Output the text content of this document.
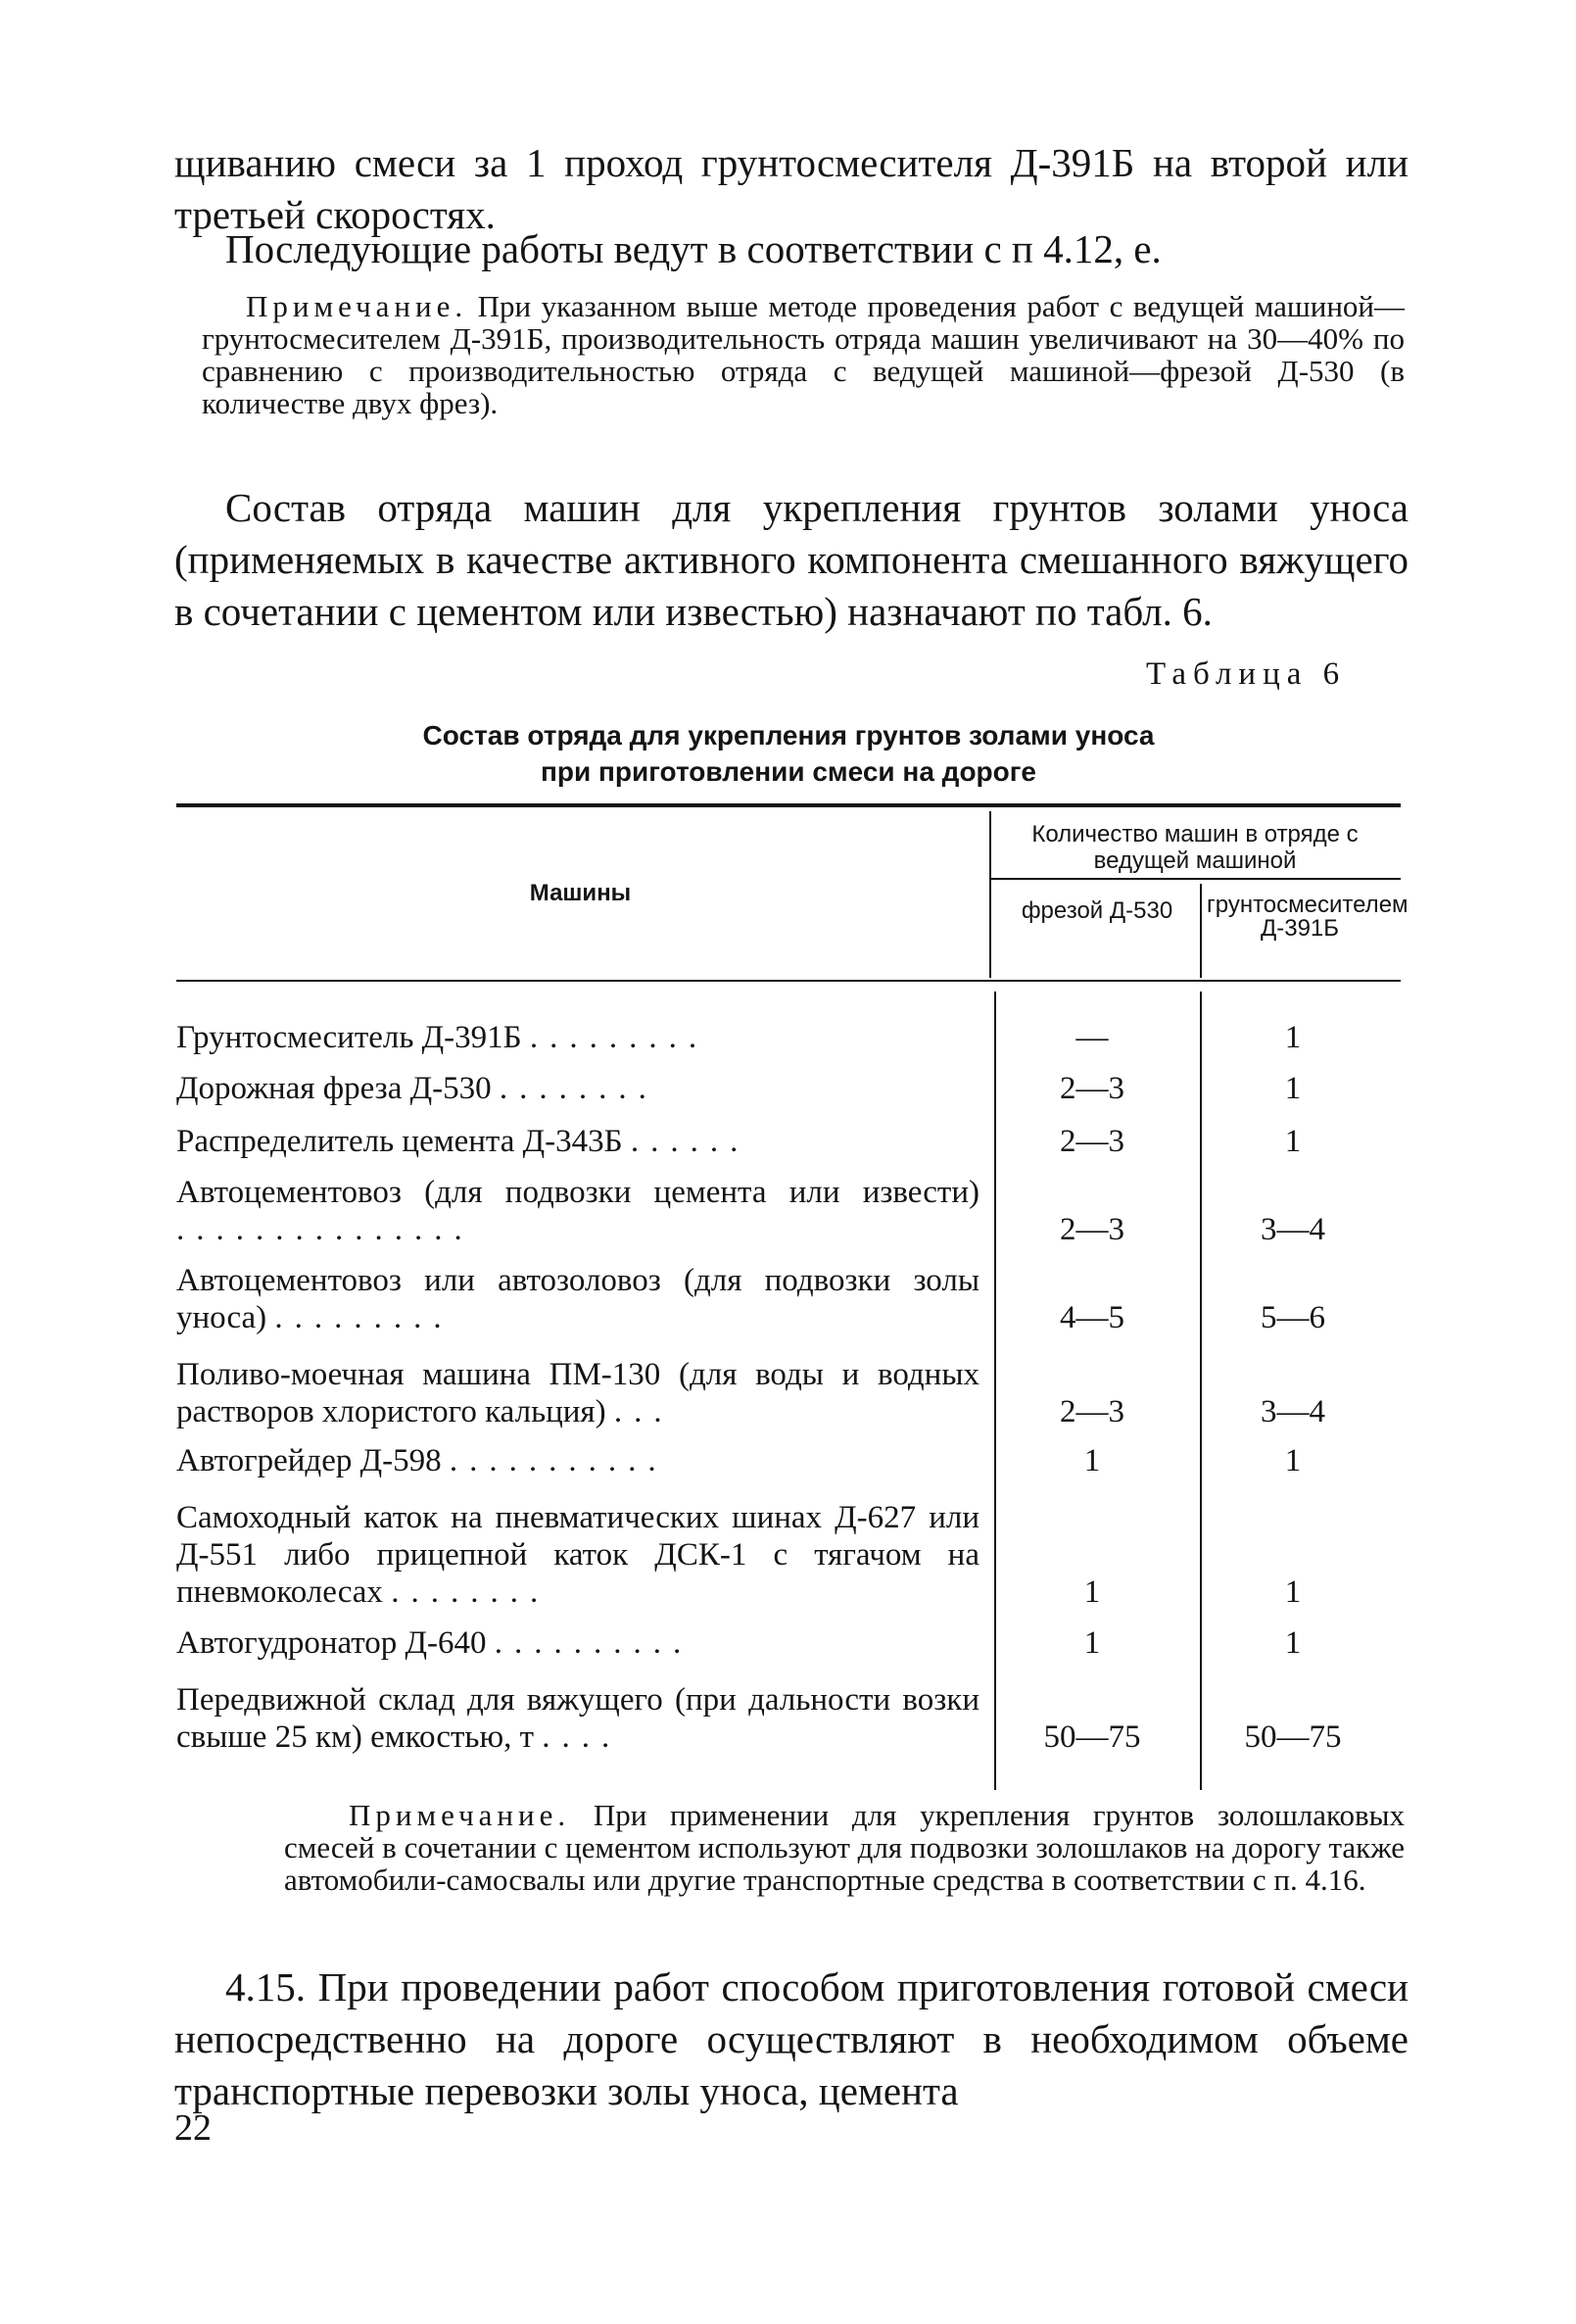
щиванию смеси за 1 проход грунтосмесителя Д-391Б на второй или третьей скоростях.

Последующие работы ведут в соответствии с п 4.12, е.

Примечание. При указанном выше методе проведения работ с ведущей машиной—грунтосмесителем Д-391Б, производительность отряда машин увеличивают на 30—40% по сравнению с производительностью отряда с ведущей машиной—фрезой Д-530 (в количестве двух фрез).

Состав отряда машин для укрепления грунтов золами уноса (применяемых в качестве активного компонента смешанного вяжущего в сочетании с цементом или известью) назначают по табл. 6.

Таблица 6
Состав отряда для укрепления грунтов золами уноса
при приготовлении смеси на дороге
Машины
Количество машин в отряде с ведущей машиной
фрезой Д-530	грунтосмесителем Д-391Б
Грунтосмеситель Д-391Б .........	—	1
Дорожная фреза Д-530 ........	2—3	1
Распределитель цемента Д-343Б ......	2—3	1
Автоцементовоз (для подвозки цемента или извести) ...............	2—3	3—4
Автоцементовоз или автозоловоз (для подвозки золы уноса) .........	4—5	5—6
Поливо-моечная машина ПМ-130 (для воды и водных растворов хлористого кальция) ...	2—3	3—4
Автогрейдер Д-598 ...........	1	1
Самоходный каток на пневматических шинах Д-627 или Д-551 либо прицепной каток ДСК-1 с тягачом на пневмоколесах ........	1	1
Автогудронатор Д-640 ..........	1	1
Передвижной склад для вяжущего (при дальности возки свыше 25 км) емкостью, т ....	50—75	50—75

Примечание. При применении для укрепления грунтов золошлаковых смесей в сочетании с цементом используют для подвозки золошлаков на дорогу также автомобили-самосвалы или другие транспортные средства в соответствии с п. 4.16.

4.15. При проведении работ способом приготовления готовой смеси непосредственно на дороге осуществляют в необходимом объеме транспортные перевозки золы уноса, цемента

22
